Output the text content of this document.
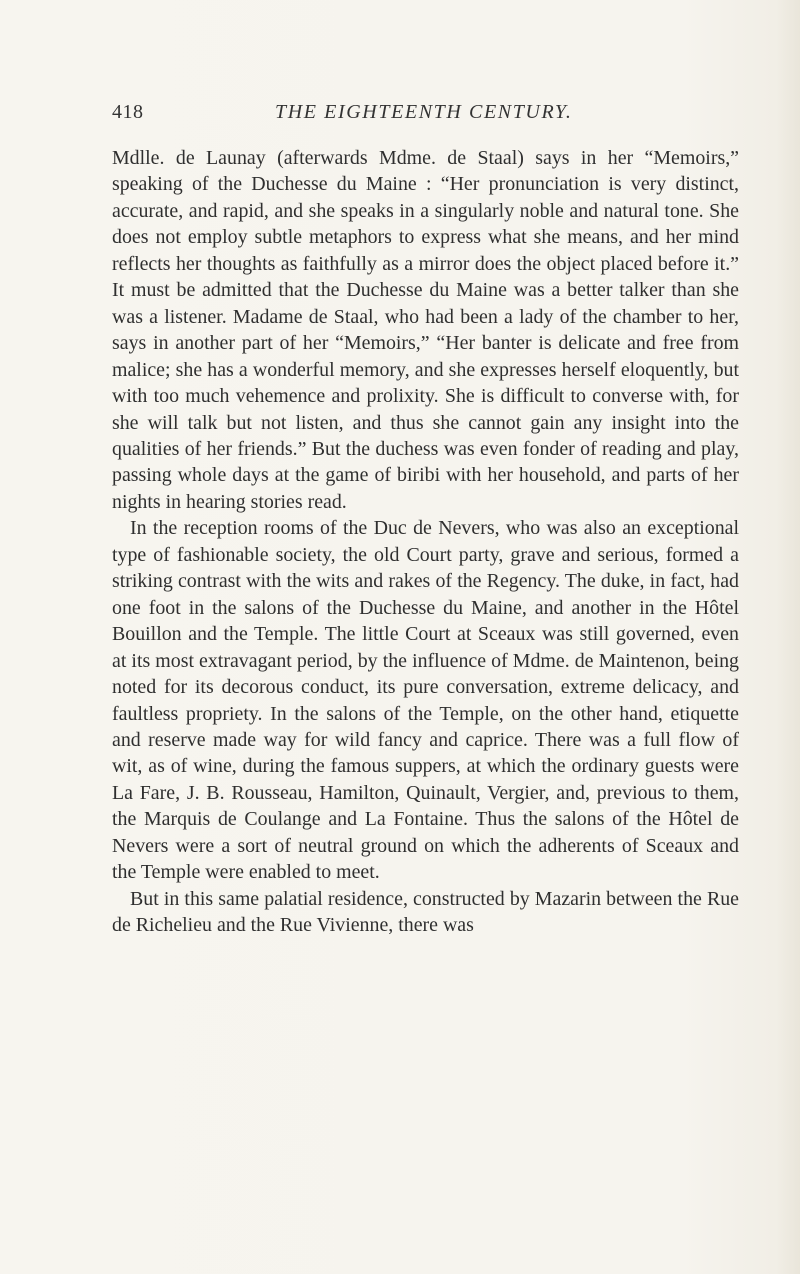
418	THE EIGHTEENTH CENTURY.

Mdlle. de Launay (afterwards Mdme. de Staal) says in her “Memoirs,” speaking of the Duchesse du Maine : “Her pronunciation is very distinct, accurate, and rapid, and she speaks in a singularly noble and natural tone. She does not employ subtle metaphors to express what she means, and her mind reflects her thoughts as faithfully as a mirror does the object placed before it.” It must be admitted that the Duchesse du Maine was a better talker than she was a listener. Madame de Staal, who had been a lady of the chamber to her, says in another part of her “Memoirs,” “Her banter is delicate and free from malice; she has a wonderful memory, and she expresses herself eloquently, but with too much vehemence and prolixity. She is difficult to converse with, for she will talk but not listen, and thus she cannot gain any insight into the qualities of her friends.” But the duchess was even fonder of reading and play, passing whole days at the game of biribi with her household, and parts of her nights in hearing stories read.

In the reception rooms of the Duc de Nevers, who was also an exceptional type of fashionable society, the old Court party, grave and serious, formed a striking contrast with the wits and rakes of the Regency. The duke, in fact, had one foot in the salons of the Duchesse du Maine, and another in the Hôtel Bouillon and the Temple. The little Court at Sceaux was still governed, even at its most extravagant period, by the influence of Mdme. de Maintenon, being noted for its decorous conduct, its pure conversation, extreme delicacy, and faultless propriety. In the salons of the Temple, on the other hand, etiquette and reserve made way for wild fancy and caprice. There was a full flow of wit, as of wine, during the famous suppers, at which the ordinary guests were La Fare, J. B. Rousseau, Hamilton, Quinault, Vergier, and, previous to them, the Marquis de Coulange and La Fontaine. Thus the salons of the Hôtel de Nevers were a sort of neutral ground on which the adherents of Sceaux and the Temple were enabled to meet.

But in this same palatial residence, constructed by Mazarin between the Rue de Richelieu and the Rue Vivienne, there was
